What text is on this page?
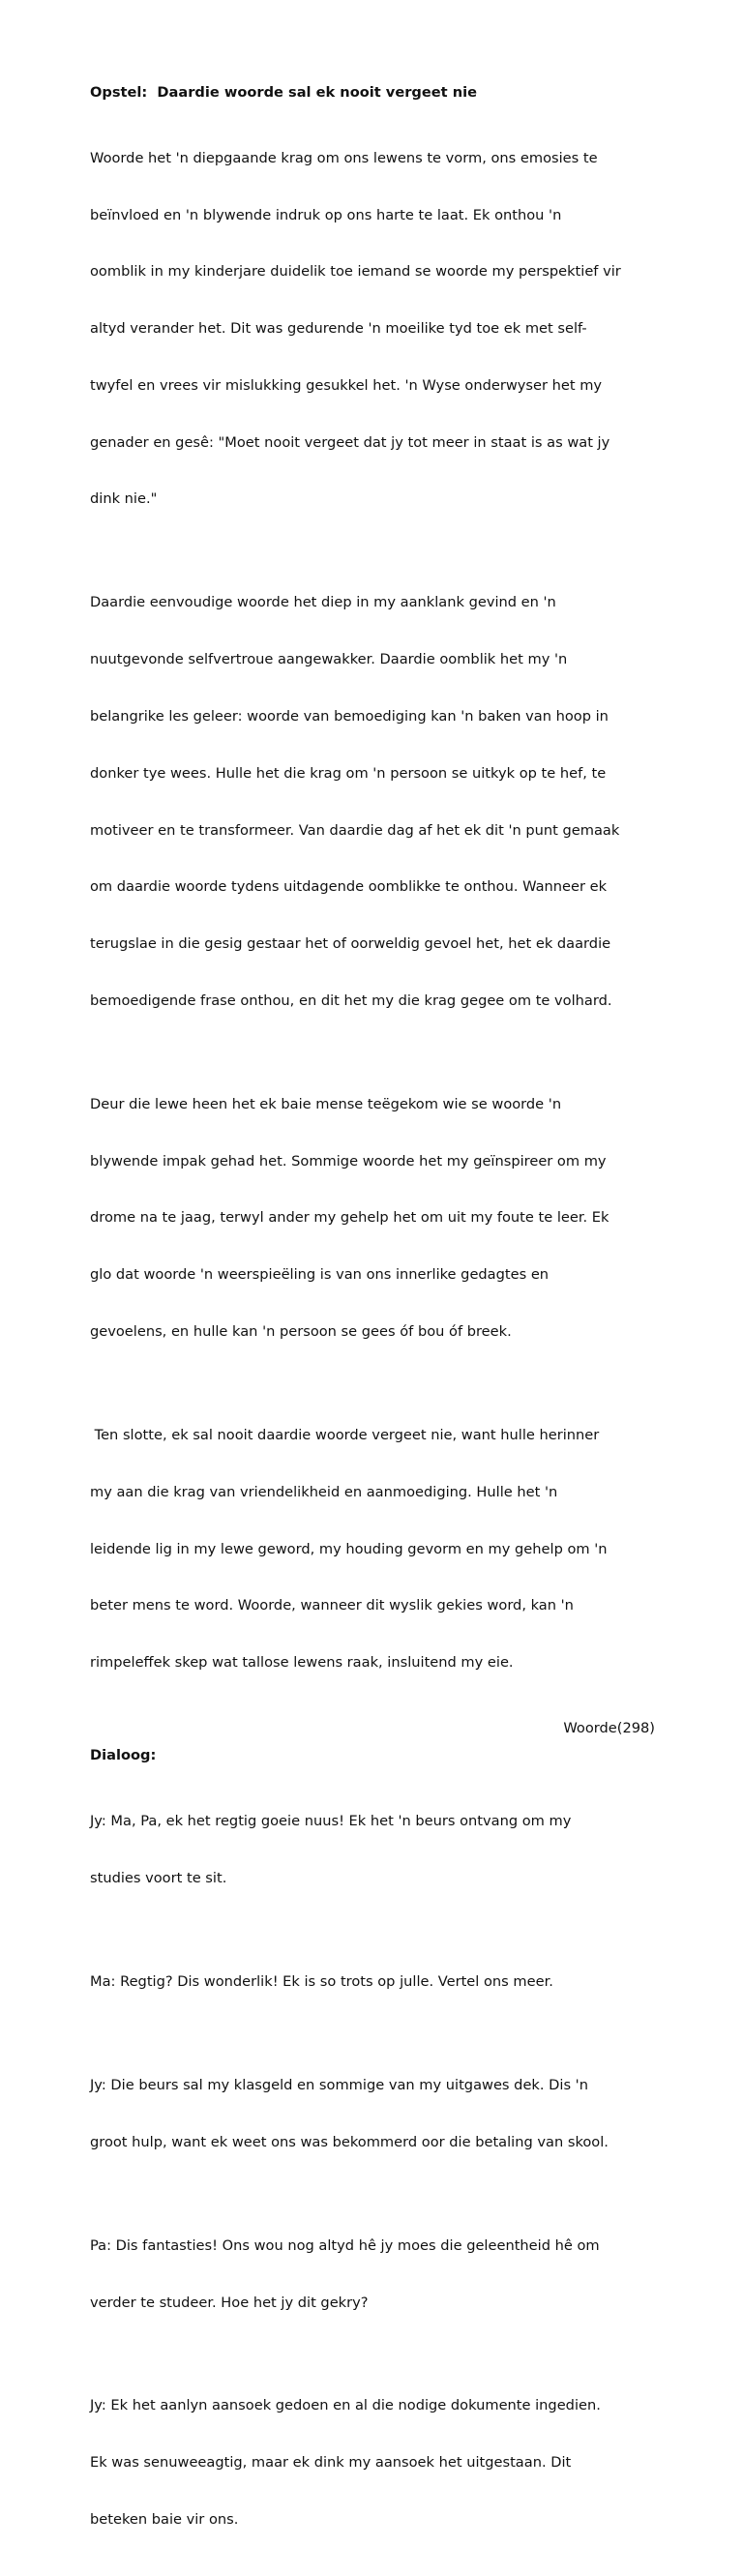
Opstel:  Daardie woorde sal ek nooit vergeet nie

Woorde het 'n diepgaande krag om ons lewens te vorm, ons emosies te

beïnvloed en 'n blywende indruk op ons harte te laat. Ek onthou 'n

oomblik in my kinderjare duidelik toe iemand se woorde my perspektief vir

altyd verander het. Dit was gedurende 'n moeilike tyd toe ek met self-

twyfel en vrees vir mislukking gesukkel het. 'n Wyse onderwyser het my

genader en gesê: "Moet nooit vergeet dat jy tot meer in staat is as wat jy

dink nie."

Daardie eenvoudige woorde het diep in my aanklank gevind en 'n

nuutgevonde selfvertroue aangewakker. Daardie oomblik het my 'n

belangrike les geleer: woorde van bemoediging kan 'n baken van hoop in

donker tye wees. Hulle het die krag om 'n persoon se uitkyk op te hef, te

motiveer en te transformeer. Van daardie dag af het ek dit 'n punt gemaak

om daardie woorde tydens uitdagende oomblikke te onthou. Wanneer ek

terugslae in die gesig gestaar het of oorweldig gevoel het, het ek daardie

bemoedigende frase onthou, en dit het my die krag gegee om te volhard.

Deur die lewe heen het ek baie mense teëgekom wie se woorde 'n

blywende impak gehad het. Sommige woorde het my geïnspireer om my

drome na te jaag, terwyl ander my gehelp het om uit my foute te leer. Ek

glo dat woorde 'n weerspieëling is van ons innerlike gedagtes en

gevoelens, en hulle kan 'n persoon se gees óf bou óf breek.

Ten slotte, ek sal nooit daardie woorde vergeet nie, want hulle herinner

my aan die krag van vriendelikheid en aanmoediging. Hulle het 'n

leidende lig in my lewe geword, my houding gevorm en my gehelp om 'n

beter mens te word. Woorde, wanneer dit wyslik gekies word, kan 'n

rimpeleffek skep wat tallose lewens raak, insluitend my eie.

Woorde(298)
Dialoog:

Jy: Ma, Pa, ek het regtig goeie nuus! Ek het 'n beurs ontvang om my

studies voort te sit.

Ma: Regtig? Dis wonderlik! Ek is so trots op julle. Vertel ons meer.

Jy: Die beurs sal my klasgeld en sommige van my uitgawes dek. Dis 'n

groot hulp, want ek weet ons was bekommerd oor die betaling van skool.

Pa: Dis fantasties! Ons wou nog altyd hê jy moes die geleentheid hê om

verder te studeer. Hoe het jy dit gekry?

Jy: Ek het aanlyn aansoek gedoen en al die nodige dokumente ingedien.

Ek was senuweeagtig, maar ek dink my aansoek het uitgestaan. Dit

beteken baie vir ons.
